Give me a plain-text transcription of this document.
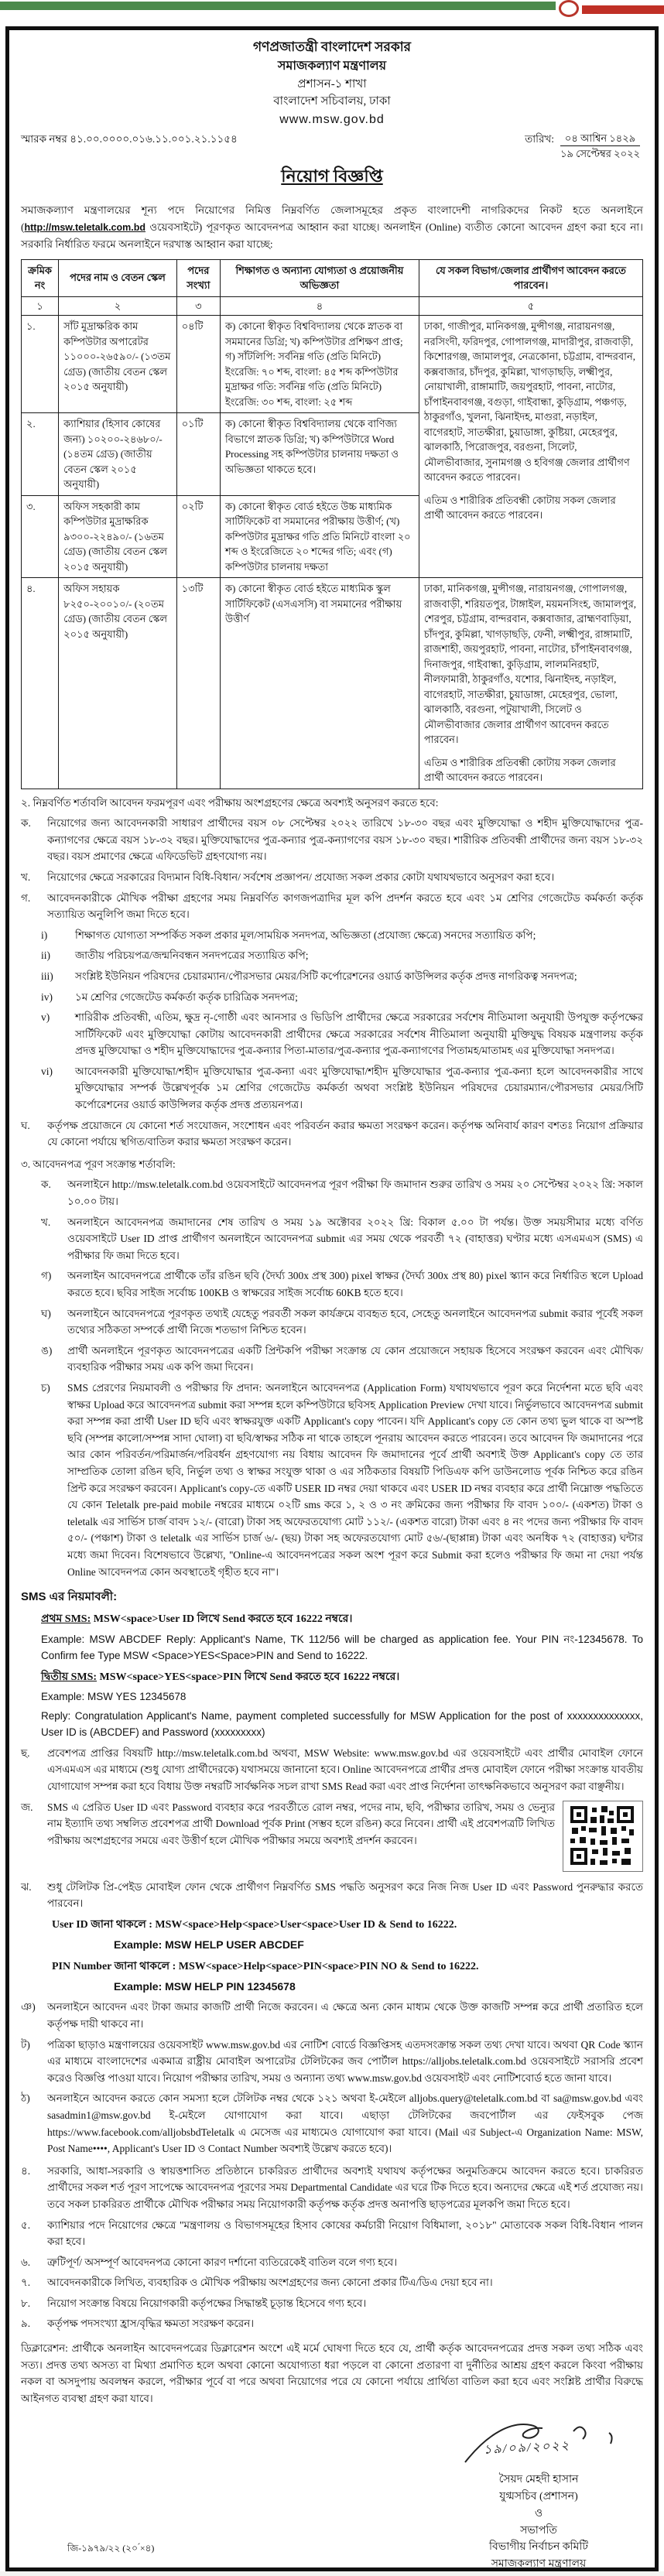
গণপ্রজাতন্ত্রী বাংলাদেশ সরকার
সমাজকল্যাণ মন্ত্রণালয়
প্রশাসন-১ শাখা
বাংলাদেশ সচিবালয়, ঢাকা
www.msw.gov.bd
স্মারক নম্বর ৪১.০০.০০০০.০১৬.১১.০০১.২১.১১৫৪	তারিখ:	০৪ আশ্বিন ১৪২৯
১৯ সেপ্টেম্বর ২০২২
নিয়োগ বিজ্ঞপ্তি

সমাজকল্যাণ মন্ত্রণালয়ের শূন্য পদে নিয়োগের নিমিত্ত নিম্নবর্ণিত জেলাসমূহের প্রকৃত বাংলাদেশী নাগরিকদের নিকট হতে অনলাইনে (http://msw.teletalk.com.bd ওয়েবসাইটে) পূরণকৃত আবেদনপত্র আহ্বান করা যাচ্ছে। অনলাইন (Online) ব্যতীত কোনো আবেদন গ্রহণ করা হবে না। সরকারি নির্ধারিত ফরমে অনলাইনে দরখাস্ত আহ্বান করা যাচ্ছে:

ক্রমিক নং	পদের নাম ও বেতন স্কেল	পদের সংখ্যা	শিক্ষাগত ও অন্যান্য যোগ্যতা ও প্রয়োজনীয় অভিজ্ঞতা	যে সকল বিভাগ/জেলার প্রার্থীগণ আবেদন করতে পারবেন।
১	২	৩	৪	৫
১.	সাঁট মুদ্রাক্ষরিক কাম কম্পিউটার অপারেটর ১১০০০-২৬৫৯০/- (১৩তম গ্রেড) (জাতীয় বেতন স্কেল ২০১৫ অনুযায়ী)	০৪টি	ক) কোনো স্বীকৃত বিশ্ববিদ্যালয় থেকে স্নাতক বা সমমানের ডিগ্রি; খ) কম্পিউটার প্রশিক্ষণ প্রাপ্ত; গ) সাঁটলিপি: সর্বনিম্ন গতি (প্রতি মিনিটে) ইংরেজি: ৭০ শব্দ, বাংলা: ৪৫ শব্দ কম্পিউটার মুদ্রাক্ষর গতি: সর্বনিম্ন গতি (প্রতি মিনিটে) ইংরেজি: ৩০ শব্দ, বাংলা: ২৫ শব্দ	
ঢাকা, গাজীপুর, মানিকগঞ্জ, মুন্সীগঞ্জ, নারায়নগঞ্জ, নরসিংদী, ফরিদপুর, গোপালগঞ্জ, মাদারীপুর, রাজবাড়ী, কিশোরগঞ্জ, জামালপুর, নেত্রকোনা, চট্টগ্রাম, বান্দরবান, কক্সবাজার, চাঁদপুর, কুমিল্লা, খাগড়াছড়ি, লক্ষ্মীপুর, নোয়াখালী, রাঙ্গামাটি, জয়পুরহাট, পাবনা, নাটোর, চাঁপাইনবাবগঞ্জ, বগুড়া, গাইবান্ধা, কুড়িগ্রাম, পঞ্চগড়, ঠাকুরগাঁও, খুলনা, ঝিনাইদহ, মাগুরা, নড়াইল, বাগেরহাট, সাতক্ষীরা, চুয়াডাঙ্গা, কুষ্টিয়া, মেহেরপুর, ঝালকাঠি, পিরোজপুর, বরগুনা, সিলেট, মৌলভীবাজার, সুনামগঞ্জ ও হবিগঞ্জ জেলার প্রার্থীগণ আবেদন করতে পারবেন।
এতিম ও শারীরিক প্রতিবন্ধী কোটায় সকল জেলার প্রার্থী আবেদন করতে পারবেন।

২.	ক্যাশিয়ার (হিসাব কোষের জন্য) ১০২০০-২৪৬৮০/- (১৪তম গ্রেড) (জাতীয় বেতন স্কেল ২০১৫ অনুযায়ী)	০১টি	ক) কোনো স্বীকৃত বিশ্ববিদ্যালয় থেকে বাণিজ্য বিভাগে স্নাতক ডিগ্রি; খ) কম্পিউটারে Word Processing সহ কম্পিউটার চালনায় দক্ষতা ও অভিজ্ঞতা থাকতে হবে।	
৩.	অফিস সহকারী কাম কম্পিউটার মুদ্রাক্ষরিক ৯৩০০-২২৪৯০/- (১৬তম গ্রেড) (জাতীয় বেতন স্কেল ২০১৫ অনুযায়ী)	০২টি	ক) কোনো স্বীকৃত বোর্ড হইতে উচ্চ মাধ্যমিক সার্টিফিকেট বা সমমানের পরীক্ষায় উত্তীর্ণ; (খ) কম্পিউটার মুদ্রাক্ষর গতি প্রতি মিনিটে বাংলা ২০ শব্দ ও ইংরেজিতে ২০ শব্দের গতি; এবং (গ) কম্পিউটার চালনায় দক্ষতা	
৪.	অফিস সহায়ক ৮২৫০-২০০১০/- (২০তম গ্রেড) (জাতীয় বেতন স্কেল ২০১৫ অনুযায়ী)	১৩টি	ক) কোনো স্বীকৃত বোর্ড হইতে মাধ্যমিক স্কুল সার্টিফিকেট (এসএসসি) বা সমমানের পরীক্ষায় উত্তীর্ণ	ঢাকা, মানিকগঞ্জ, মুন্সীগঞ্জ, নারায়নগঞ্জ, গোপালগঞ্জ, রাজবাড়ী, শরিয়তপুর, টাঙ্গাইল, ময়মনসিংহ, জামালপুর, শেরপুর, চট্টগ্রাম, বান্দরবান, কক্সবাজার, ব্রাহ্মণবাড়িয়া, চাঁদপুর, কুমিল্লা, খাগড়াছড়ি, ফেনী, লক্ষ্মীপুর, রাঙ্গামাটি, রাজশাহী, জয়পুরহাট, পাবনা, নাটোর, চাঁপাইনবাবগঞ্জ, দিনাজপুর, গাইবান্ধা, কুড়িগ্রাম, লালমনিরহাট, নীলফামারী, ঠাকুরগাঁও, যশোর, ঝিনাইদহ, নড়াইল, বাগেরহাট, সাতক্ষীরা, চুয়াডাঙ্গা, মেহেরপুর, ভোলা, ঝালকাঠি, বরগুনা, পটুয়াখালী, সিলেট ও মৌলভীবাজার জেলার প্রার্থীগণ আবেদন করতে পারবেন।
এতিম ও শারীরিক প্রতিবন্ধী কোটায় সকল জেলার প্রার্থী আবেদন করতে পারবেন।
২. নিম্নবর্ণিত শর্তাবলি আবেদন ফরমপূরণ এবং পরীক্ষায় অংশগ্রহণের ক্ষেত্রে অবশ্যই অনুসরণ করতে হবে:
ক.	নিয়োগের জন্য আবেদনকারী সাধারণ প্রার্থীদের বয়স ০৮ সেপ্টেম্বর ২০২২ তারিখে ১৮-৩০ বছর এবং মুক্তিযোদ্ধা ও শহীদ মুক্তিযোদ্ধাদের পুত্র-কন্যাগণের ক্ষেত্রে বয়স ১৮-৩২ বছর। মুক্তিযোদ্ধাদের পুত্র-কন্যার পুত্র-কন্যাগণের বয়স ১৮-৩০ বছর। শারীরিক প্রতিবন্ধী প্রার্থীদের জন্য বয়স ১৮-৩২ বছর। বয়স প্রমাণের ক্ষেত্রে এফিডেভিট গ্রহণযোগ্য নয়।
খ.	নিয়োগের ক্ষেত্রে সরকারের বিদ্যমান বিধি-বিধান/ সর্বশেষ প্রজ্ঞাপন/ প্রযোজ্য সকল প্রকার কোটা যথাযথভাবে অনুসরণ করা হবে।
গ.	আবেদনকারীকে মৌখিক পরীক্ষা গ্রহণের সময় নিম্নবর্ণিত কাগজপত্রাদির মূল কপি প্রদর্শন করতে হবে এবং ১ম শ্রেণির গেজেটেড কর্মকর্তা কর্তৃক সত্যায়িত অনুলিপি জমা দিতে হবে।
i)	শিক্ষাগত যোগ্যতা সম্পর্কিত সকল প্রকার মূল/সাময়িক সনদপত্র, অভিজ্ঞতা (প্রযোজ্য ক্ষেত্রে) সনদের সত্যায়িত কপি;
ii)	জাতীয় পরিচয়পত্র/জন্মনিবন্ধন সনদপত্রের সত্যায়িত কপি;
iii)	সংশ্লিষ্ট ইউনিয়ন পরিষদের চেয়ারম্যান/পৌরসভার মেয়র/সিটি কর্পোরেশনের ওয়ার্ড কাউন্সিলর কর্তৃক প্রদত্ত নাগরিকত্ব সনদপত্র;
iv)	১ম শ্রেণির গেজেটেড কর্মকর্তা কর্তৃক চারিত্রিক সনদপত্র;
v)	শারিরীক প্রতিবন্ধী, এতিম, ক্ষুদ্র নৃ-গোষ্ঠী এবং আনসার ও ভিডিপি প্রার্থীদের ক্ষেত্রে সরকারের সর্বশেষ নীতিমালা অনুযায়ী উপযুক্ত কর্তৃপক্ষের সার্টিফিকেট এবং মুক্তিযোদ্ধা কোটায় আবেদনকারী প্রার্থীদের ক্ষেত্রে সরকারের সর্বশেষ নীতিমালা অনুযায়ী মুক্তিযুদ্ধ বিষয়ক মন্ত্রণালয় কর্তৃক প্রদত্ত মুক্তিযোদ্ধা ও শহীদ মুক্তিযোদ্ধাদের পুত্র-কন্যার পিতা-মাতার/পুত্র-কন্যার পুত্র-কন্যাগণের পিতামহ/মাতামহ এর মুক্তিযোদ্ধা সনদপত্র।
vi)	আবেদনকারী মুক্তিযোদ্ধা/শহীদ মুক্তিযোদ্ধার পুত্র-কন্যা এবং মুক্তিযোদ্ধা/শহীদ মুক্তিযোদ্ধার পুত্র-কন্যার পুত্র-কন্যা হলে আবেদনকারীর সাথে মুক্তিযোদ্ধার সম্পর্ক উল্লেখপূর্বক ১ম শ্রেণির গেজেটেড কর্মকর্তা অথবা সংশ্লিষ্ট ইউনিয়ন পরিষদের চেয়ারম্যান/পৌরসভার মেয়র/সিটি কর্পোরেশনের ওয়ার্ড কাউন্সিলর কর্তৃক প্রদত্ত প্রত্যয়নপত্র।
ঘ.	কর্তৃপক্ষ প্রয়োজনে যে কোনো শর্ত সংযোজন, সংশোধন এবং পরিবর্তন করার ক্ষমতা সংরক্ষণ করেন। কর্তৃপক্ষ অনিবার্য কারণ বশতঃ নিয়োগ প্রক্রিয়ার যে কোনো পর্যায়ে স্থগিত/বাতিল করার ক্ষমতা সংরক্ষণ করেন।
৩. আবেদনপত্র পূরণ সংক্রান্ত শর্তাবলি:
ক.	অনলাইনে http://msw.teletalk.com.bd ওয়েবসাইটে আবেদনপত্র পূরণ পরীক্ষা ফি জমাদান শুরুর তারিখ ও সময় ২০ সেপ্টেম্বর ২০২২ খ্রি: সকাল ১০.০০ টায়।
খ.	অনলাইনে আবেদনপত্র জমাদানের শেষ তারিখ ও সময় ১৯ অক্টোবর ২০২২ খ্রি: বিকাল ৫.০০ টা পর্যন্ত। উক্ত সময়সীমার মধ্যে বর্ণিত ওয়েবসাইটে User ID প্রাপ্ত প্রার্থীগণ অনলাইনে আবেদনপত্র submit এর সময় থেকে পরবর্তী ৭২ (বাহাত্তর) ঘণ্টার মধ্যে এসএমএস (SMS) এ পরীক্ষার ফি জমা দিতে হবে।
গ)	অনলাইন আবেদনপত্রে প্রার্থীকে তাঁর রঙিন ছবি (দৈর্ঘ্য 300x প্রস্থ 300) pixel স্বাক্ষর (দৈর্ঘ্য 300x প্রস্থ 80) pixel স্ক্যান করে নির্ধারিত স্থলে Upload করতে হবে। ছবির সাইজ সর্বোচ্চ 100KB ও স্বাক্ষরের সাইজ সর্বোচ্চ 60KB হতে হবে।
ঘ)	অনলাইনে আবেদনপত্রে পূরণকৃত তথ্যই যেহেতু পরবর্তী সকল কার্যক্রমে ব্যবহৃত হবে, সেহেতু অনলাইনে আবেদনপত্র submit করার পূর্বেই সকল তথ্যের সঠিকতা সম্পর্কে প্রার্থী নিজে শতভাগ নিশ্চিত হবেন।
ঙ)	প্রার্থী অনলাইনে পূরণকৃত আবেদনপত্রের একটি প্রিন্টকপি পরীক্ষা সংক্রান্ত যে কোন প্রয়োজনে সহায়ক হিসেবে সংরক্ষণ করবেন এবং মৌখিক/ব্যবহারিক পরীক্ষার সময় এক কপি জমা দিবেন।
চ)	SMS প্রেরণের নিয়মাবলী ও পরীক্ষার ফি প্রদান: অনলাইনে আবেদনপত্র (Application Form) যথাযথভাবে পূরণ করে নির্দেশনা মতে ছবি এবং স্বাক্ষর Upload করে আবেদনপত্র submit করা সম্পন্ন হলে কম্পিউটারে ছবিসহ Application Preview দেখা যাবে। নির্ভুলভাবে আবেদনপত্র submit করা সম্পন্ন করা প্রার্থী User ID ছবি এবং স্বাক্ষরযুক্ত একটি Applicant's copy পাবেন। যদি Applicant's copy তে কোন তথ্য ভুল থাকে বা অস্পষ্ট ছবি (সম্পন্ন কালো/সম্পন্ন সাদা ঘোলা) বা ছবি/স্বাক্ষর সঠিক না থাকে তাহলে পূনরায় আবেদন করতে পারবেন। তবে আবেদন ফি জমাদানের পরে আর কোন পরিবর্তন/পরিমার্জন/পরিবর্ধন গ্রহণযোগ্য নয় বিধায় আবেদন ফি জমাদানের পূর্বে প্রার্থী অবশ্যই উক্ত Applicant's copy তে তার সাম্প্রতিক তোলা রঙিন ছবি, নির্ভুল তথ্য ও স্বাক্ষর সংযুক্ত থাকা ও এর সঠিকতার বিষয়টি পিডিএফ কপি ডাউনলোড পূর্বক নিশ্চিত করে রঙিন প্রিন্ট করে সংরক্ষণ করবেন। Applicant's copy-তে একটি USER ID নম্বর দেয়া থাকবে এবং USER ID নম্বর ব্যবহার করে প্রার্থী নিম্নোক্ত পদ্ধতিতে যে কোন Teletalk pre-paid mobile নম্বরের মাধ্যমে ০২টি sms করে ১, ২ ও ৩ নং ক্রমিকের জন্য পরীক্ষার ফি বাবদ ১০০/- (একশত) টাকা ও teletalk এর সার্ভিস চার্জ বাবদ ১২/- (বারো) টাকা সহ অফেরতযোগ্য মোট ১১২/- (একশত বারো) টাকা এবং ৪ নং পদের জন্য পরীক্ষার ফি বাবদ ৫০/- (পঞ্চাশ) টাকা ও teletalk এর সার্ভিস চার্জ ৬/- (ছয়) টাকা সহ অফেরতযোগ্য মোট ৫৬/-(ছাপ্পান্ন) টাকা এবং অনধিক ৭২ (বাহাত্তর) ঘন্টার মধ্যে জমা দিবেন। বিশেষভাবে উল্লেখ্য, ''Online-এ আবেদনপত্রের সকল অংশ পূরণ করে Submit করা হলেও পরীক্ষার ফি জমা না দেয়া পর্যন্ত Online আবেদনপত্র কোন অবস্থাতেই গৃহীত হবে না''।
SMS এর নিয়মাবলী:
প্রথম SMS: MSW<space>User ID লিখে Send করতে হবে 16222 নম্বরে।
Example: MSW ABCDEF Reply: Applicant's Name, TK 112/56 will be charged as application fee. Your PIN নং-12345678. To Confirm fee Type MSW <Space>YES<Space>PIN and Send to 16222.
দ্বিতীয় SMS: MSW<space>YES<space>PIN লিখে Send করতে হবে 16222 নম্বরে।
Example: MSW YES 12345678
Reply: Congratulation Applicant's Name, payment completed successfully for MSW Application for the post of xxxxxxxxxxxxxx, User ID is (ABCDEF) and Password (xxxxxxxxx)
ছ.	প্রবেশপত্র প্রাপ্তির বিষয়টি http://msw.teletalk.com.bd অথবা, MSW Website: www.msw.gov.bd এর ওয়েবসাইটে এবং প্রার্থীর মোবাইল ফোনে এসএমএস এর মাধ্যমে (শুধু যোগ্য প্রার্থীদেরকে) যথাসময়ে জানানো হবে। Online আবেদনপত্রে প্রার্থীর প্রদত্ত মোবাইল ফোনে পরীক্ষা সংক্রান্ত যাবতীয় যোগাযোগ সম্পন্ন করা হবে বিধায় উক্ত নম্বরটি সার্বক্ষনিক সচল রাখা SMS Read করা এবং প্রাপ্ত নির্দেশনা তাৎক্ষনিকভাবে অনুসরণ করা বাঞ্ছনীয়।
জ.	SMS এ প্রেরিত User ID এবং Password ব্যবহার করে পরবর্তীতে রোল নম্বর, পদের নাম, ছবি, পরীক্ষার তারিখ, সময় ও ভেন্যুর নাম ইত্যাদি তথ্য সম্বলিত প্রবেশপত্র প্রার্থী Download পূর্বক Print (সম্ভব হলে রঙিন) করে নিবেন। প্রার্থী এই প্রবেশপত্রটি লিখিত পরীক্ষায় অংশগ্রহণের সময়ে এবং উত্তীর্ণ হলে মৌখিক পরীক্ষার সময়ে অবশ্যই প্রদর্শন করবেন।
ঝ.	শুধু টেলিটক প্রি-পেইড মোবাইল ফোন থেকে প্রার্থীগণ নিম্নবর্ণিত SMS পদ্ধতি অনুসরণ করে নিজ নিজ User ID এবং Password পুনরুদ্ধার করতে পারবেন।
User ID জানা থাকলে : MSW<space>Help<space>User<space>User ID & Send to 16222.
Example: MSW HELP USER ABCDEF
PIN Number জানা থাকলে : MSW<space>Help<space>PIN<space>PIN NO & Send to 16222.
Example: MSW HELP PIN 12345678
ঞ)	অনলাইনে আবেদন এবং টাকা জমার কাজটি প্রার্থী নিজে করবেন। এ ক্ষেত্রে অন্য কোন মাধ্যম থেকে উক্ত কাজটি সম্পন্ন করে প্রার্থী প্রতারিত হলে কর্তৃপক্ষ দায়ী থাকবে না।
ট)	পত্রিকা ছাড়াও মন্ত্রণালয়ের ওয়েবসাইট www.msw.gov.bd এর নোটিশ বোর্ডে বিজ্ঞপ্তিসহ এতদসংক্রান্ত সকল তথ্য দেখা যাবে। অথবা QR Code স্ক্যান এর মাধ্যমে বাংলাদেশের একমাত্র রাষ্ট্রীয় মোবাইল অপারেটর টেলিটকের জব পোর্টাল https://alljobs.teletalk.com.bd ওয়েবসাইটে সরাসরি প্রবেশ করেও বিজ্ঞপ্তি পাওয়া যাবে। নিয়োগ পরীক্ষার তারিখ, সময় ও অন্যান্য তথ্য www.msw.gov.bd ওয়েবসাইট এবং নোটিশবোর্ড হতে জানা যাবে।
ঠ)	অনলাইনে আবেদন করতে কোন সমস্যা হলে টেলিটক নম্বর থেকে ১২১ অথবা ই-মেইলে alljobs.query@teletalk.com.bd বা sa@msw.gov.bd এবং sasadmin1@msw.gov.bd ই-মেইলে যোগাযোগ করা যাবে। এছাড়া টেলিটকের জবপোর্টাল এর ফেইসবুক পেজ https://www.facebook.com/alljobsbdTeletalk এ মেসেজ এর মাধ্যমেও যোগাযোগ করা যাবে। (Mail এর Subject-এ Organization Name: MSW, Post Name••••, Applicant's User ID ও Contact Number অবশ্যই উল্লেখ করতে হবে)।
৪.	সরকারি, আধা-সরকারি ও স্বায়ত্তশাসিত প্রতিষ্ঠানে চাকরিরত প্রার্থীদের অবশ্যই যথাযথ কর্তৃপক্ষের অনুমতিক্রমে আবেদন করতে হবে। চাকরিরত প্রার্থীদের সকল শর্ত পূরণ সাপেক্ষে আবেদনপত্র পূরণের সময় Departmental Candidate এর ঘরে টিক দিতে হবে। অন্যদের ক্ষেত্রে এই শর্ত প্রযোজ্য নয়। তবে সকল চাকরিরত প্রার্থীকে মৌখিক পরীক্ষার সময় নিয়োগকারী কর্তৃপক্ষ কর্তৃক প্রদত্ত অনাপত্তি ছাড়পত্রের মূলকপি জমা দিতে হবে।
৫.	ক্যাশিয়ার পদে নিয়োগের ক্ষেত্রে "মন্ত্রণালয় ও বিভাগসমূহের হিসাব কোষের কর্মচারী নিয়োগ বিধিমালা, ২০১৮" মোতাবেক সকল বিধি-বিধান পালন করা হবে।
৬.	ত্রুটিপূর্ণ/ অসম্পূর্ণ আবেদনপত্র কোনো কারণ দর্শানো ব্যতিরেকেই বাতিল বলে গণ্য হবে।
৭.	আবেদনকারীকে লিখিত, ব্যবহারিক ও মৌখিক পরীক্ষায় অংশগ্রহণের জন্য কোনো প্রকার টিএ/ডিএ দেয়া হবে না।
৮.	নিয়োগ সংক্রান্ত বিষয়ে নিয়োগকারী কর্তৃপক্ষের সিদ্ধান্তই চূড়ান্ত হিসেবে গণ্য হবে।
৯.	কর্তৃপক্ষ পদসংখ্যা হ্রাস/বৃদ্ধির ক্ষমতা সংরক্ষণ করেন।
ডিক্লারেশন: প্রার্থীকে অনলাইন আবেদনপত্রের ডিক্লারেশন অংশে এই মর্মে ঘোষণা দিতে হবে যে, প্রার্থী কর্তৃক আবেদনপত্রের প্রদত্ত সকল তথ্য সঠিক এবং সত্য। প্রদত্ত তথ্য অসত্য বা মিথ্যা প্রমাণিত হলে অথবা কোনো অযোগ্যতা ধরা পড়লে বা কোনো প্রতারণা বা দুর্নীতির আশ্রয় গ্রহণ করলে কিংবা পরীক্ষায় নকল বা অসদুপায় অবলম্বন করলে, পরীক্ষার পূর্বে বা পরে অথবা নিয়োগের পরে যে কোনো পর্যায়ে প্রার্থিতা বাতিল করা হবে এবং সংশ্লিষ্ট প্রার্থীর বিরুদ্ধে আইনগত ব্যবস্থা গ্রহণ করা যাবে।
১৯/০৯/২০২২
সৈয়দ মেহদী হাসান
যুগ্মসচিব (প্রশাসন)
ও
সভাপতি
বিভাগীয় নির্বাচন কমিটি
সমাজকল্যাণ মন্ত্রণালয়
জি-১৯৭৯/২২ (২০ ́×৪)
